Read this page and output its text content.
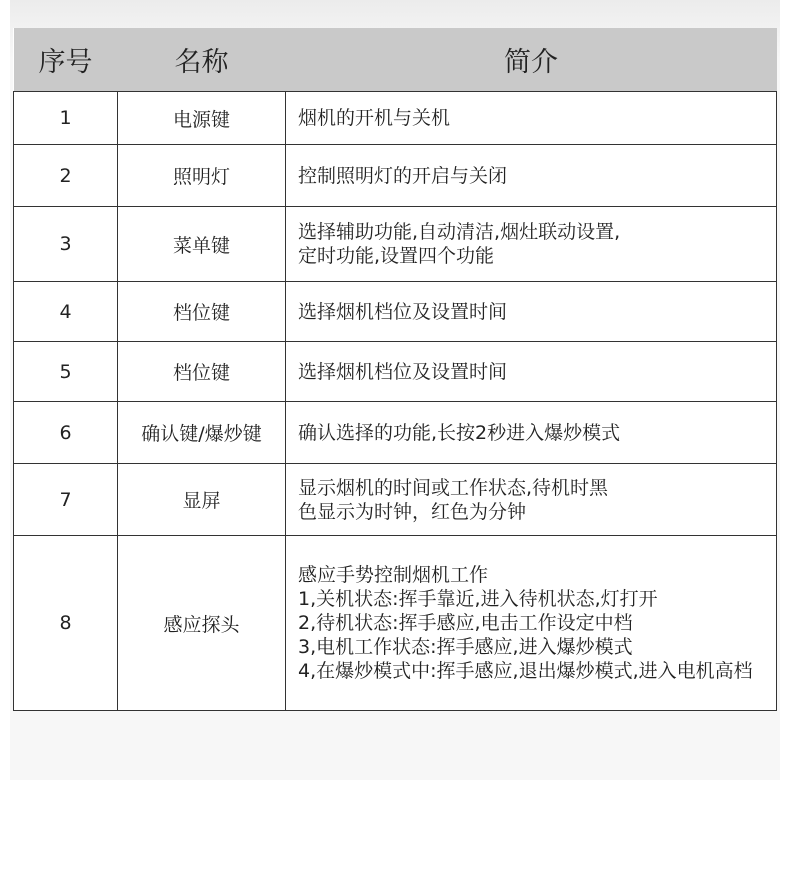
序号	名称	简介
1	电源键	烟机的开机与关机

2	照明灯	控制照明灯的开启与关闭

3	菜单键	选择辅助功能,自动清洁,烟灶联动设置,
定时功能,设置四个功能

4	档位键	选择烟机档位及设置时间

5	档位键	选择烟机档位及设置时间

6	确认键/爆炒键	确认选择的功能,长按2秒进入爆炒模式

7	显屏	显示烟机的时间或工作状态,待机时黑
色显示为时钟，红色为分钟

8	感应探头	感应手势控制烟机工作
1,关机状态:挥手靠近,进入待机状态,灯打开
2,待机状态:挥手感应,电击工作设定中档
3,电机工作状态:挥手感应,进入爆炒模式
4,在爆炒模式中:挥手感应,退出爆炒模式,进入电机高档
